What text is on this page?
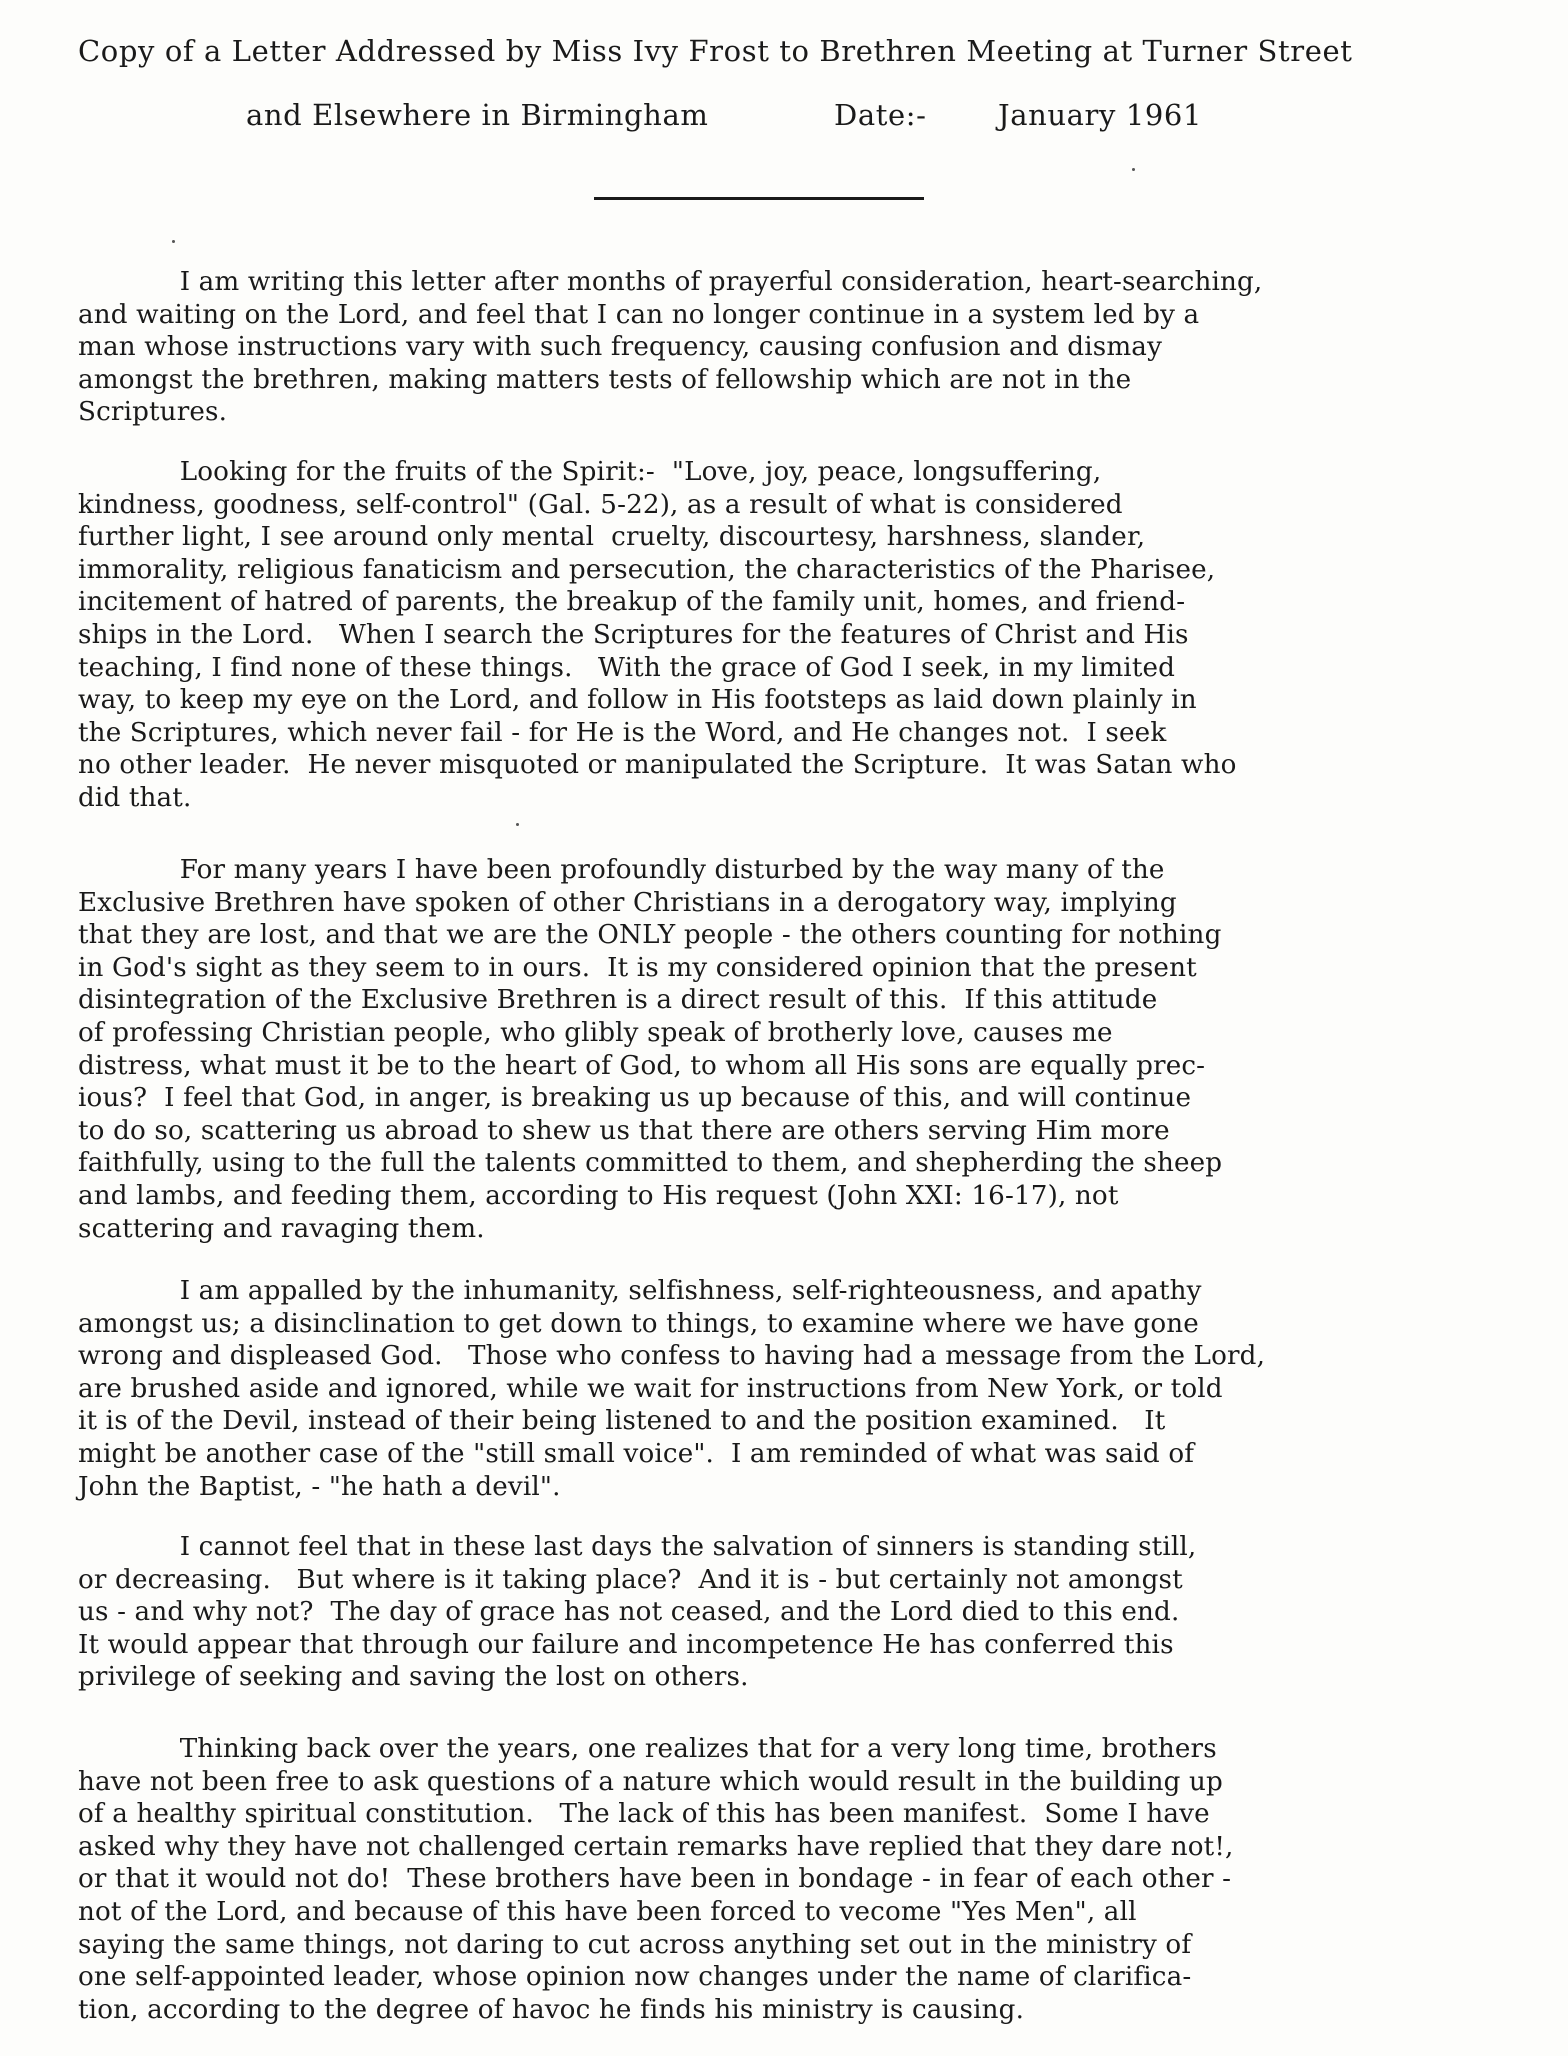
Copy of a Letter Addressed by Miss Ivy Frost to Brethren Meeting at Turner Street
and Elsewhere in Birmingham	Date:- January 1961

I am writing this letter after months of prayerful consideration, heart-searching,

and waiting on the Lord, and feel that I can no longer continue in a system led by a

man whose instructions vary with such frequency, causing confusion and dismay

amongst the brethren, making matters tests of fellowship which are not in the

Scriptures.

Looking for the fruits of the Spirit:-  "Love, joy, peace, longsuffering,

kindness, goodness, self-control" (Gal. 5-22), as a result of what is considered

further light, I see around only mental  cruelty, discourtesy, harshness, slander,

immorality, religious fanaticism and persecution, the characteristics of the Pharisee,

incitement of hatred of parents, the breakup of the family unit, homes, and friend-

ships in the Lord.   When I search the Scriptures for the features of Christ and His

teaching, I find none of these things.   With the grace of God I seek, in my limited

way, to keep my eye on the Lord, and follow in His footsteps as laid down plainly in

the Scriptures, which never fail - for He is the Word, and He changes not.  I seek

no other leader.  He never misquoted or manipulated the Scripture.  It was Satan who

did that.

For many years I have been profoundly disturbed by the way many of the

Exclusive Brethren have spoken of other Christians in a derogatory way, implying

that they are lost, and that we are the ONLY people - the others counting for nothing

in God's sight as they seem to in ours.  It is my considered opinion that the present

disintegration of the Exclusive Brethren is a direct result of this.  If this attitude

of professing Christian people, who glibly speak of brotherly love, causes me

distress, what must it be to the heart of God, to whom all His sons are equally prec-

ious?  I feel that God, in anger, is breaking us up because of this, and will continue

to do so, scattering us abroad to shew us that there are others serving Him more

faithfully, using to the full the talents committed to them, and shepherding the sheep

and lambs, and feeding them, according to His request (John XXI: 16-17), not

scattering and ravaging them.

I am appalled by the inhumanity, selfishness, self-righteousness, and apathy

amongst us; a disinclination to get down to things, to examine where we have gone

wrong and displeased God.   Those who confess to having had a message from the Lord,

are brushed aside and ignored, while we wait for instructions from New York, or told

it is of the Devil, instead of their being listened to and the position examined.   It

might be another case of the "still small voice".  I am reminded of what was said of

John the Baptist, - "he hath a devil".

I cannot feel that in these last days the salvation of sinners is standing still,

or decreasing.   But where is it taking place?  And it is - but certainly not amongst

us - and why not?  The day of grace has not ceased, and the Lord died to this end.

It would appear that through our failure and incompetence He has conferred this

privilege of seeking and saving the lost on others.

Thinking back over the years, one realizes that for a very long time, brothers

have not been free to ask questions of a nature which would result in the building up

of a healthy spiritual constitution.   The lack of this has been manifest.  Some I have

asked why they have not challenged certain remarks have replied that they dare not!,

or that it would not do!  These brothers have been in bondage - in fear of each other -

not of the Lord, and because of this have been forced to vecome "Yes Men", all

saying the same things, not daring to cut across anything set out in the ministry of

one self-appointed leader, whose opinion now changes under the name of clarifica-

tion, according to the degree of havoc he finds his ministry is causing.
